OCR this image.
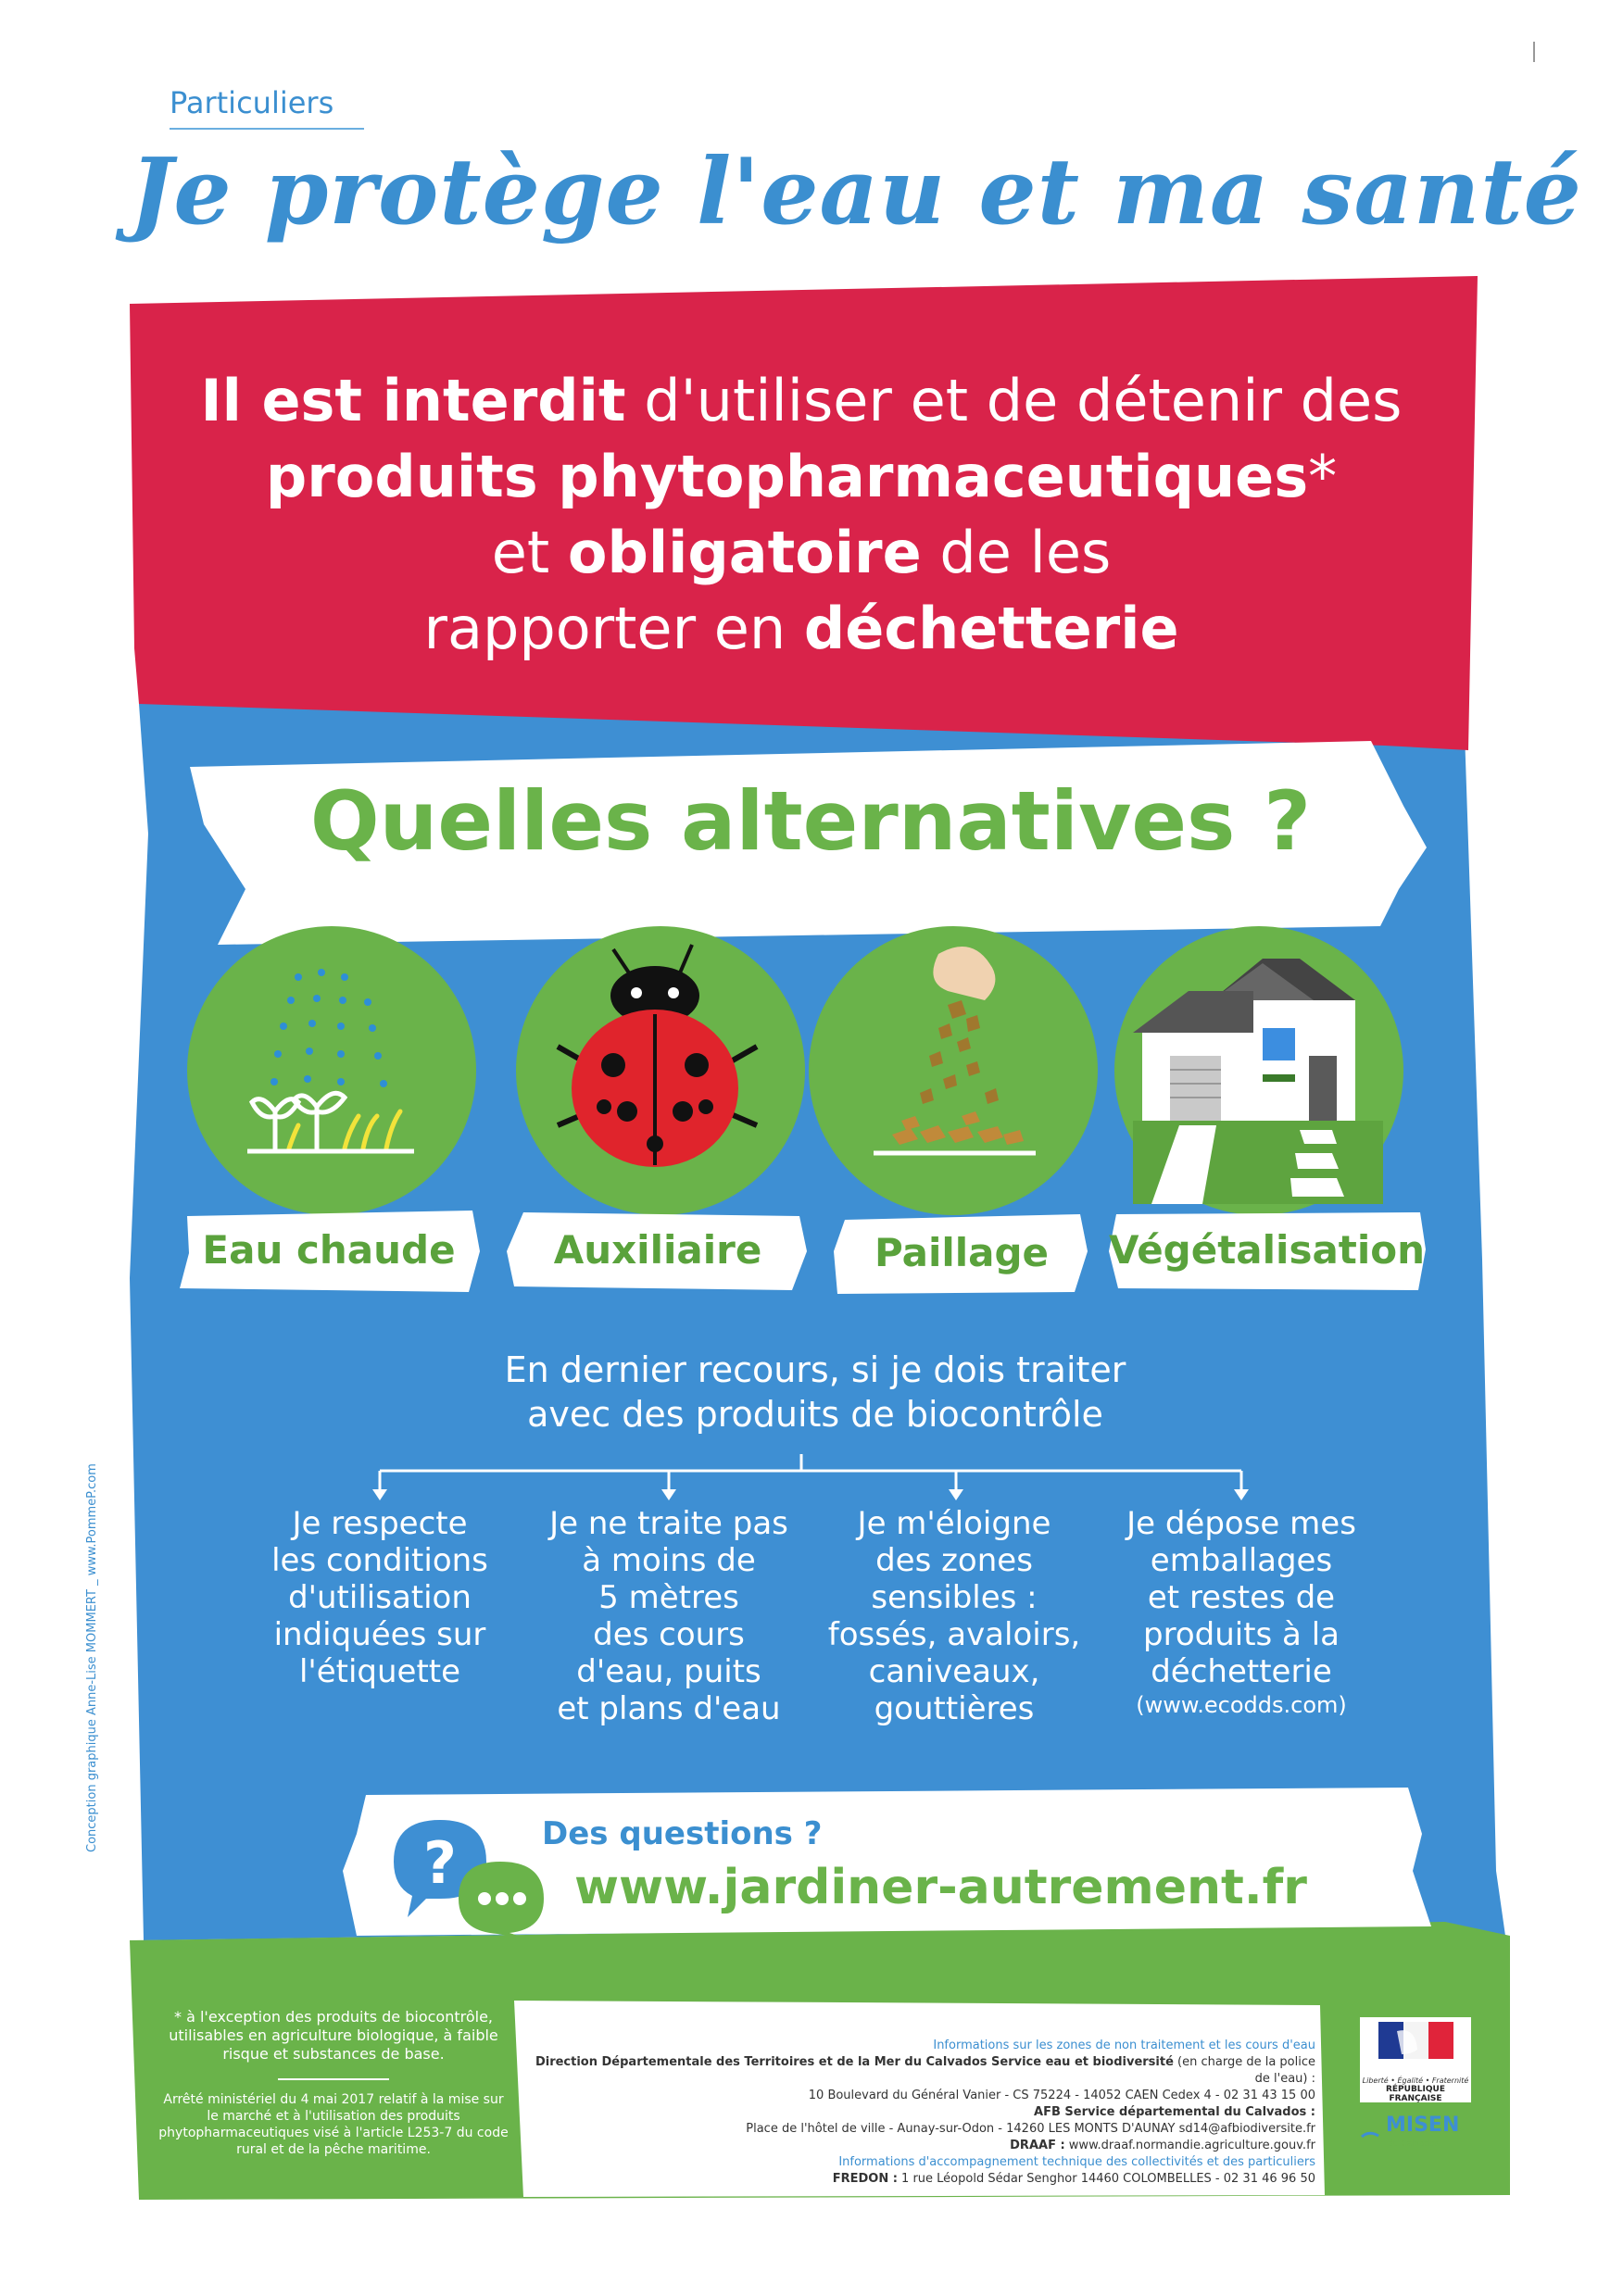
Particuliers
Je protège l'eau et ma santé
Il est interdit d'utiliser et de détenir des
produits phytopharmaceutiques*
et obligatoire de les
rapporter en déchetterie
Quelles alternatives ?
Eau chaude	Auxiliaire	Paillage	Végétalisation
En dernier recours, si je dois traiter
avec des produits de biocontrôle
Je respecte
les conditions
d'utilisation
indiquées sur
l'étiquette
Je ne traite pas
à moins de
5 mètres
des cours
d'eau, puits
et plans d'eau
Je m'éloigne
des zones
sensibles :
fossés, avaloirs,
caniveaux,
gouttières
Je dépose mes
emballages
et restes de
produits à la
déchetterie
(www.ecodds.com)
?	Des questions ?
www.jardiner-autrement.fr
Conception graphique Anne-Lise MOMMERT _ www.PommeP.com
* à l'exception des produits de biocontrôle, utilisables en agriculture biologique, à faible risque et substances de base.
Arrêté ministériel du 4 mai 2017 relatif à la mise sur le marché et à l'utilisation des produits phytopharmaceutiques visé à l'article L253-7 du code rural et de la pêche maritime.
Informations sur les zones de non traitement et les cours d'eau
Direction Départementale des Territoires et de la Mer du Calvados Service eau et biodiversité (en charge de la police de l'eau) :
10 Boulevard du Général Vanier - CS 75224 - 14052 CAEN Cedex 4 - 02 31 43 15 00
AFB Service départemental du Calvados :
Place de l'hôtel de ville - Aunay-sur-Odon - 14260 LES MONTS D'AUNAY sd14@afbiodiversite.fr
DRAAF : www.draaf.normandie.agriculture.gouv.fr
Informations d'accompagnement technique des collectivités et des particuliers
FREDON : 1 rue Léopold Sédar Senghor 14460 COLOMBELLES - 02 31 46 96 50
Liberté • Égalité • Fraternité
RÉPUBLIQUE FRANÇAISE
MISEN
du Calvados
